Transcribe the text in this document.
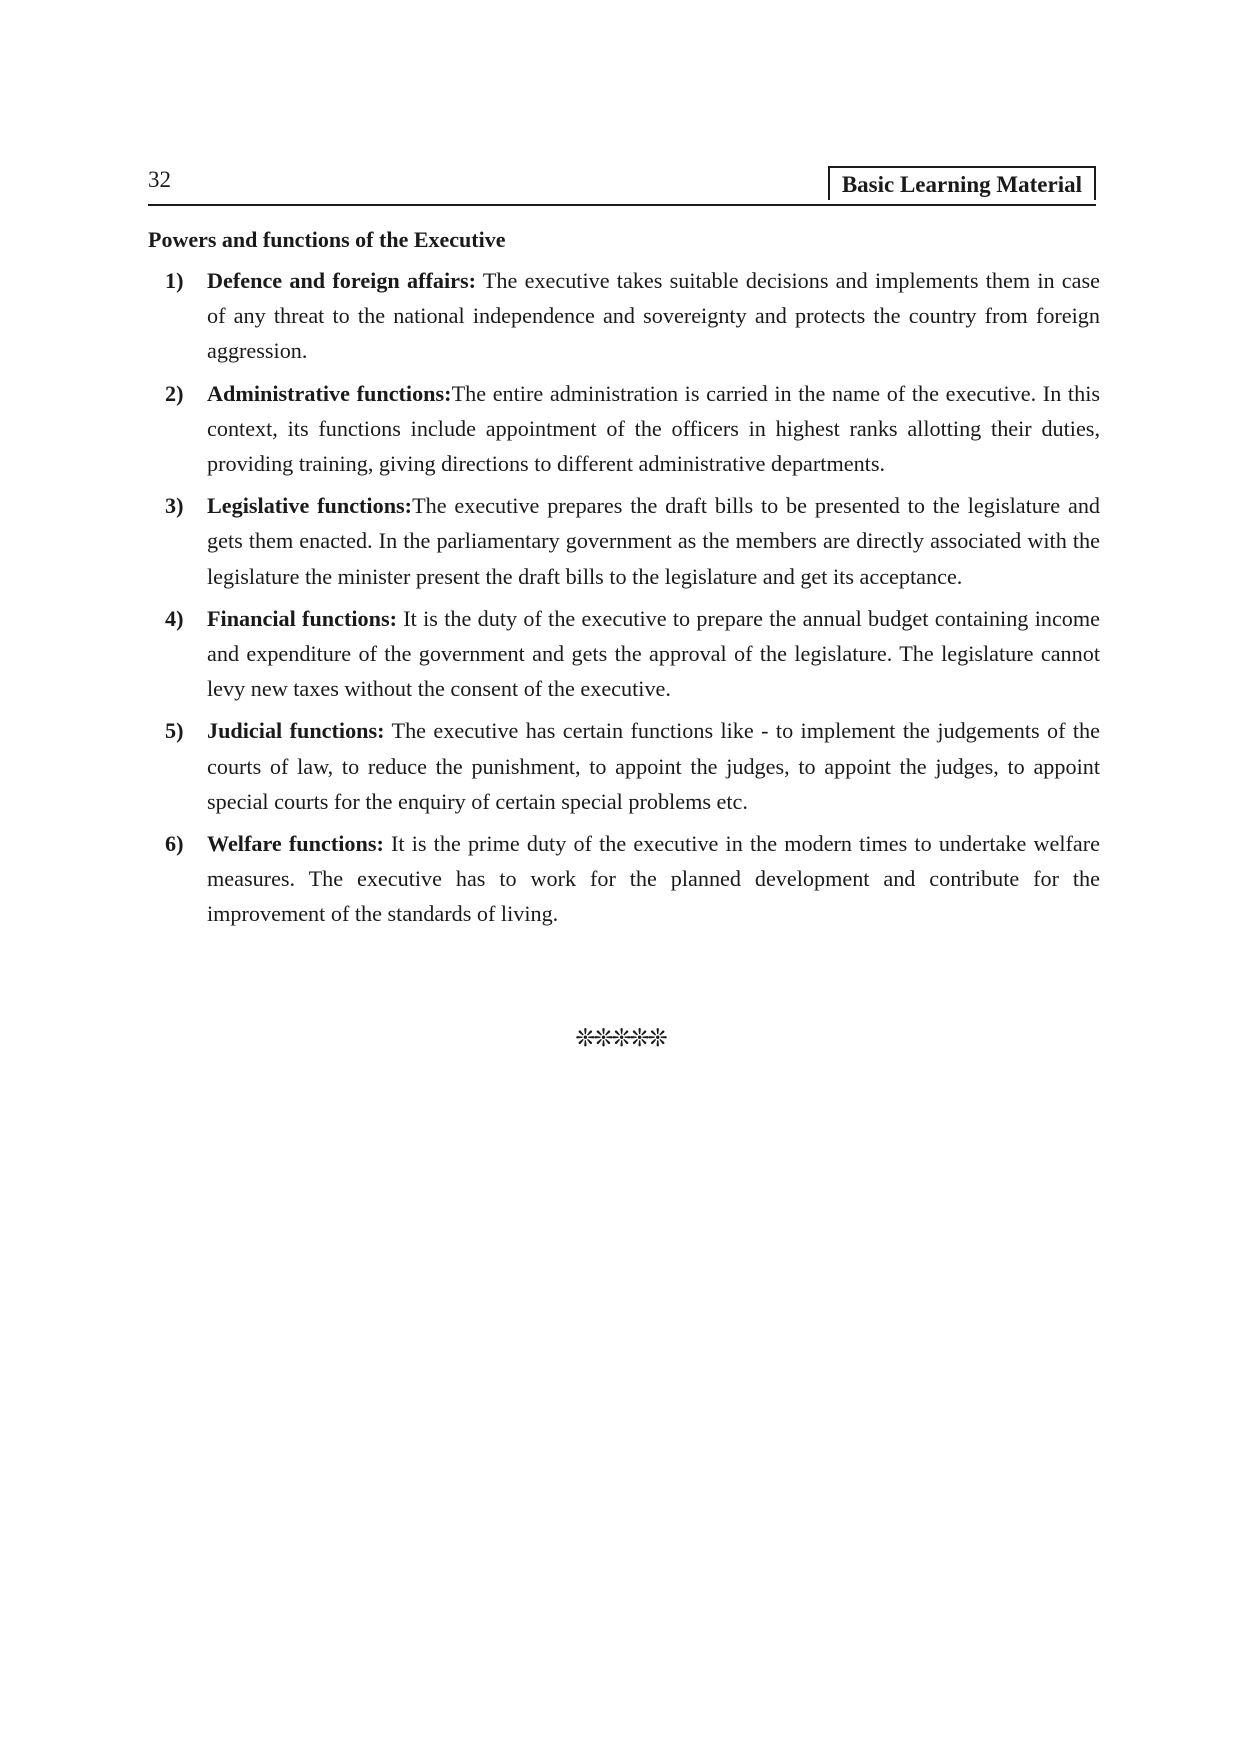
32	Basic Learning Material
Powers and functions of the Executive
1) Defence and foreign affairs: The executive takes suitable decisions and implements them in case of any threat to the national independence and sovereignty and protects the country from foreign aggression.
2) Administrative functions:The entire administration is carried in the name of the executive. In this context, its functions include appointment of the officers in highest ranks allotting their duties, providing training, giving directions to different administrative departments.
3) Legislative functions:The executive prepares the draft bills to be presented to the legislature and gets them enacted. In the parliamentary government as the members are directly associated with the legislature the minister present the draft bills to the legislature and get its acceptance.
4) Financial functions: It is the duty of the executive to prepare the annual budget containing income and expenditure of the government and gets the approval of the legislature. The legislature cannot levy new taxes without the consent of the executive.
5) Judicial functions: The executive has certain functions like - to implement the judgements of the courts of law, to reduce the punishment, to appoint the judges, to appoint the judges, to appoint special courts for the enquiry of certain special problems etc.
6) Welfare functions: It is the prime duty of the executive in the modern times to undertake welfare measures. The executive has to work for the planned development and contribute for the improvement of the standards of living.
❊❊❊❊❊
